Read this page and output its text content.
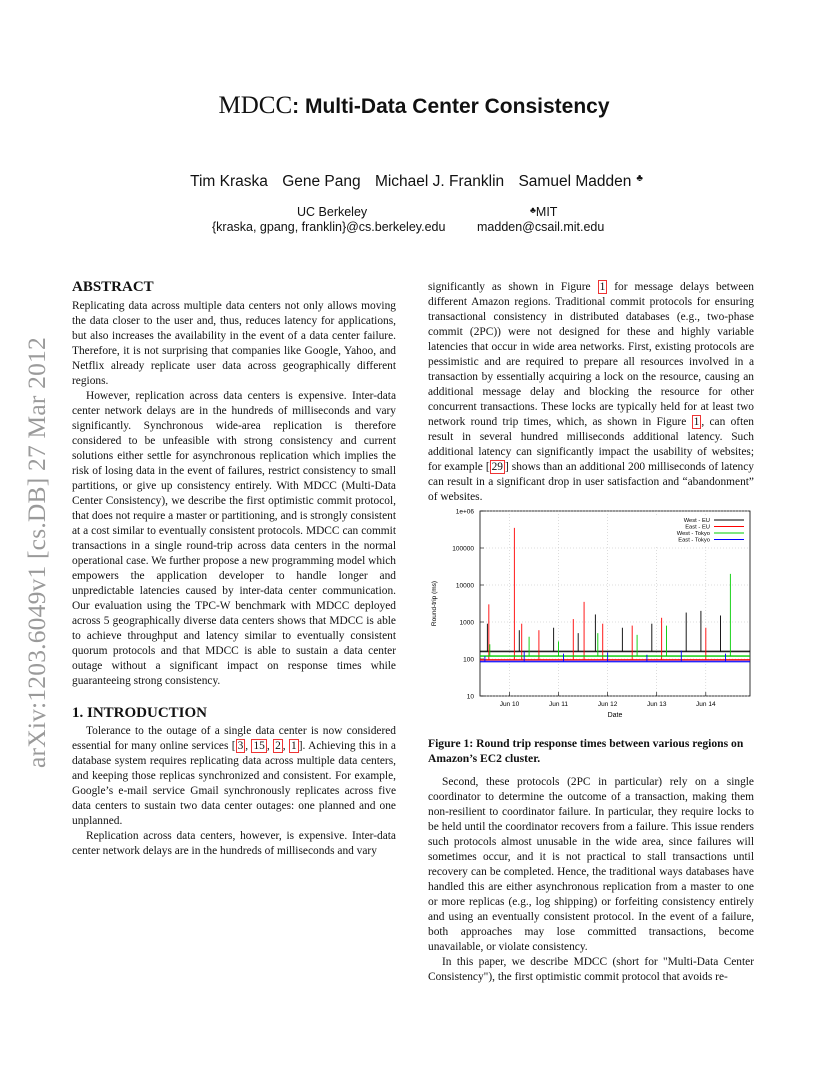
arXiv:1203.6049v1 [cs.DB] 27 Mar 2012
MDCC: Multi-Data Center Consistency
Tim Kraska Gene Pang Michael J. Franklin Samuel Madden ♣
UC Berkeley
{kraska, gpang, franklin}@cs.berkeley.edu
♣MIT
madden@csail.mit.edu
ABSTRACT

Replicating data across multiple data centers not only allows moving the data closer to the user and, thus, reduces latency for applications, but also increases the availability in the event of a data center failure. Therefore, it is not surprising that companies like Google, Yahoo, and Netflix already replicate user data across geographically different regions.

However, replication across data centers is expensive. Inter-data center network delays are in the hundreds of milliseconds and vary significantly. Synchronous wide-area replication is therefore considered to be unfeasible with strong consistency and current solutions either settle for asynchronous replication which implies the risk of losing data in the event of failures, restrict consistency to small partitions, or give up consistency entirely. With MDCC (Multi-Data Center Consistency), we describe the first optimistic commit protocol, that does not require a master or partitioning, and is strongly consistent at a cost similar to eventually consistent protocols. MDCC can commit transactions in a single round-trip across data centers in the normal operational case. We further propose a new programming model which empowers the application developer to handle longer and unpredictable latencies caused by inter-data center communication. Our evaluation using the TPC-W benchmark with MDCC deployed across 5 geographically diverse data centers shows that MDCC is able to achieve throughput and latency similar to eventually consistent quorum protocols and that MDCC is able to sustain a data center outage without a significant impact on response times while guaranteeing strong consistency.

1. INTRODUCTION

Tolerance to the outage of a single data center is now considered essential for many online services [ 3 , 15 , 2 , 1 ]. Achieving this in a database system requires replicating data across multiple data centers, and keeping those replicas synchronized and consistent. For example, Google’s e-mail service Gmail synchronously replicates across five data centers to sustain two data center outages: one planned and one unplanned.

Replication across data centers, however, is expensive. Inter-data center network delays are in the hundreds of milliseconds and vary

significantly as shown in Figure 1 for message delays between different Amazon regions. Traditional commit protocols for ensuring transactional consistency in distributed databases (e.g., two-phase commit (2PC)) were not designed for these and highly variable latencies that occur in wide area networks. First, existing protocols are pessimistic and are required to prepare all resources involved in a transaction by essentially acquiring a lock on the resource, causing an additional message delay and blocking the resource for other concurrent transactions. These locks are typically held for at least two network round trip times, which, as shown in Figure 1 , can often result in several hundred milliseconds additional latency. Such additional latency can significantly impact the usability of websites; for example [ 29 ] shows than an additional 200 milliseconds of latency can result in a significant drop in user satisfaction and “abandonment” of websites.

10
100
1000
10000
100000
1e+06
Jun 10	Jun 11	Jun 12	Jun 13	Jun 14
Date
Round-trip (ms)
West - EU
East - EU
West - Tokyo
East - Tokyo
Figure 1: Round trip response times between various regions on Amazon’s EC2 cluster.

Second, these protocols (2PC in particular) rely on a single coordinator to determine the outcome of a transaction, making them non-resilient to coordinator failure. In particular, they require locks to be held until the coordinator recovers from a failure. This issue renders such protocols almost unusable in the wide area, since failures will sometimes occur, and it is not practical to stall transactions until recovery can be completed. Hence, the traditional ways databases have handled this are either asynchronous replication from a master to one or more replicas (e.g., log shipping) or forfeiting consistency entirely and using an eventually consistent protocol. In the event of a failure, both approaches may lose committed transactions, become unavailable, or violate consistency.

In this paper, we describe MDCC (short for "Multi-Data Center Consistency"), the first optimistic commit protocol that avoids re-
